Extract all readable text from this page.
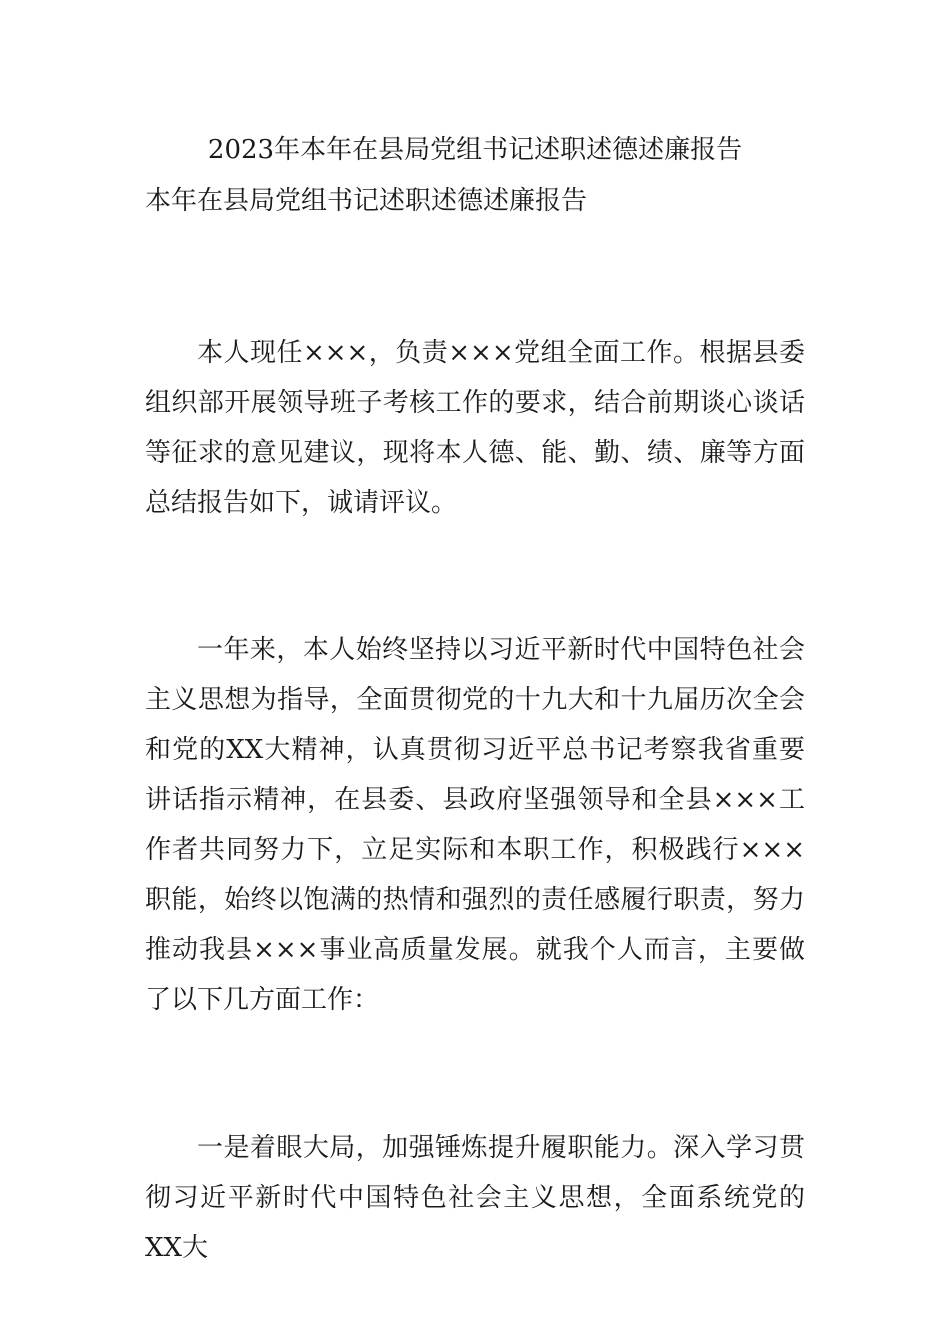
2023年本年在县局党组书记述职述德述廉报告
本年在县局党组书记述职述德述廉报告

本人现任×××，负责×××党组全面工作。根据县委组织部开展领导班子考核工作的要求，结合前期谈心谈话等征求的意见建议，现将本人德、能、勤、绩、廉等方面总结报告如下，诚请评议。

一年来，本人始终坚持以习近平新时代中国特色社会主义思想为指导，全面贯彻党的十九大和十九届历次全会和党的XX大精神，认真贯彻习近平总书记考察我省重要讲话指示精神，在县委、县政府坚强领导和全县×××工作者共同努力下，立足实际和本职工作，积极践行×××职能，始终以饱满的热情和强烈的责任感履行职责，努力推动我县×××事业高质量发展。就我个人而言，主要做了以下几方面工作：

一是着眼大局，加强锤炼提升履职能力。深入学习贯彻习近平新时代中国特色社会主义思想，全面系统党的XX大
